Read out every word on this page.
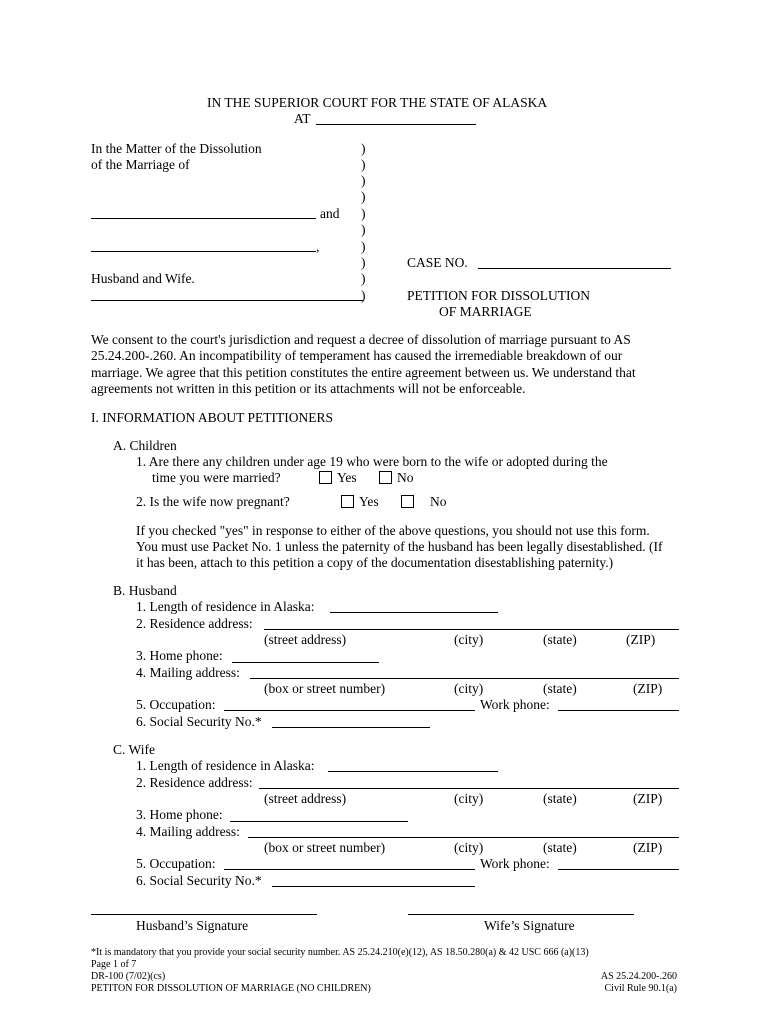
IN THE SUPERIOR COURT FOR THE STATE OF ALASKA
AT
In the Matter of the Dissolution
of the Marriage of
and
,
Husband and Wife.
)
)
)
)
)
)
)
)
)
)
CASE NO.
PETITION FOR DISSOLUTION
OF MARRIAGE
We consent to the court's jurisdiction and request a decree of dissolution of marriage pursuant to AS
25.24.200-.260. An incompatibility of temperament has caused the irremediable breakdown of our
marriage. We agree that this petition constitutes the entire agreement between us. We understand that
agreements not written in this petition or its attachments will not be enforceable.
I. INFORMATION ABOUT PETITIONERS
A. Children
1. Are there any children under age 19 who were born to the wife or adopted during the
time you were married?	Yes	No
2. Is the wife now pregnant?	Yes	No
If you checked "yes" in response to either of the above questions, you should not use this form.
You must use Packet No. 1 unless the paternity of the husband has been legally disestablished. (If
it has been, attach to this petition a copy of the documentation disestablishing paternity.)
B. Husband
1. Length of residence in Alaska:
2. Residence address:
(street address)	(city)	(state)	(ZIP)
3. Home phone:
4. Mailing address:
(box or street number)	(city)	(state)	(ZIP)
5. Occupation:	Work phone:
6. Social Security No.*
C. Wife
1. Length of residence in Alaska:
2. Residence address:
(street address)	(city)	(state)	(ZIP)
3. Home phone:
4. Mailing address:
(box or street number)	(city)	(state)	(ZIP)
5. Occupation:	Work phone:
6. Social Security No.*
Husband’s Signature	Wife’s Signature
*It is mandatory that you provide your social security number. AS 25.24.210(e)(12), AS 18.50.280(a) & 42 USC 666 (a)(13)
Page 1 of 7
DR-100 (7/02)(cs)
PETITON FOR DISSOLUTION OF MARRIAGE (NO CHILDREN)
AS 25.24.200-.260
Civil Rule 90.1(a)
